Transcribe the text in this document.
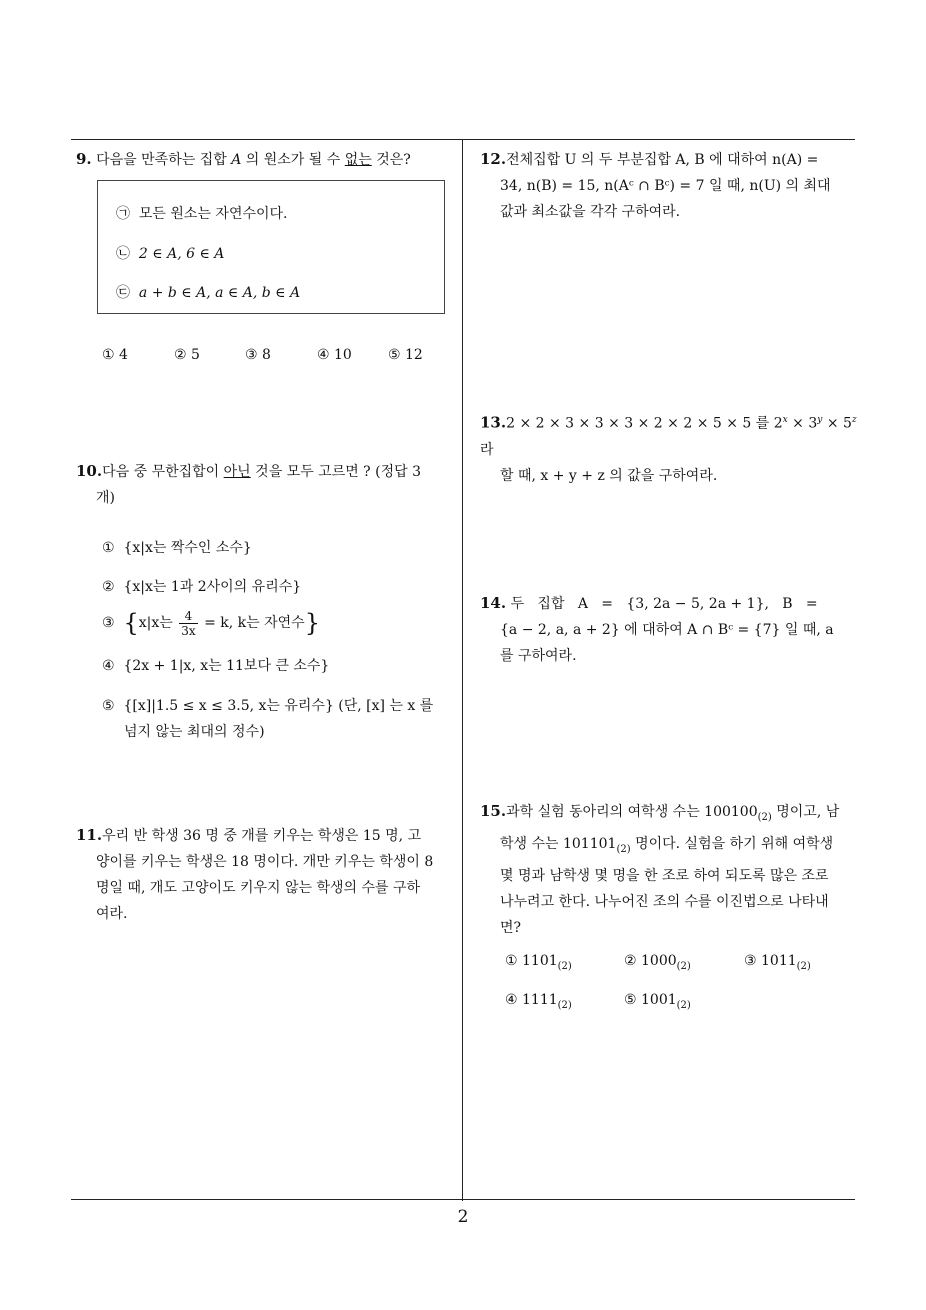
9. 다음을 만족하는 집합 A 의 원소가 될 수 없는 것은?
㉠ 모든 원소는 자연수이다.
㉡ 2 ∈ A, 6 ∈ A
㉢ a + b ∈ A, a ∈ A, b ∈ A
① 4	② 5	③ 8	④ 10	⑤ 12
10.다음 중 무한집합이 아닌 것을 모두 고르면 ? (정답 3
개)
① {x|x는 짝수인 소수}
② {x|x는 1과 2사이의 유리수}
③ {x|x는 $\frac{4}{3x} = k$, k는 자연수}
④ {2x + 1|x, x는 11보다 큰 소수}
⑤ {[x]|1.5 ≤ x ≤ 3.5, x는 유리수} (단, [x] 는 x 를
넘지 않는 최대의 정수)
11.우리 반 학생 36 명 중 개를 키우는 학생은 15 명, 고
양이를 키우는 학생은 18 명이다. 개만 키우는 학생이 8
명일 때, 개도 고양이도 키우지 않는 학생의 수를 구하
여라.
12.전체집합 U 의 두 부분집합 A, B 에 대하여 n(A) =
34, n(B) = 15, n(Aᶜ ∩ Bᶜ) = 7 일 때, n(U) 의 최대
값과 최소값을 각각 구하여라.
13.2 × 2 × 3 × 3 × 3 × 2 × 2 × 5 × 5 를 $2^x \times 3^y \times 5^z$ 라
할 때, x + y + z 의 값을 구하여라.
14. 두   집합   A   =   {3, 2a − 5, 2a + 1},   B   =
{a − 2, a, a + 2} 에 대하여 A ∩ Bᶜ = {7} 일 때, a
를 구하여라.
15.과학 실험 동아리의 여학생 수는 $100100_{(2)}$ 명이고, 남
학생 수는 $101101_{(2)}$ 명이다. 실험을 하기 위해 여학생
몇 명과 남학생 몇 명을 한 조로 하여 되도록 많은 조로
나누려고 한다. 나누어진 조의 수를 이진법으로 나타내
면?
① $1101_{(2)}$	② $1000_{(2)}$	③ $1011_{(2)}$
④ $1111_{(2)}$	⑤ $1001_{(2)}$
2
